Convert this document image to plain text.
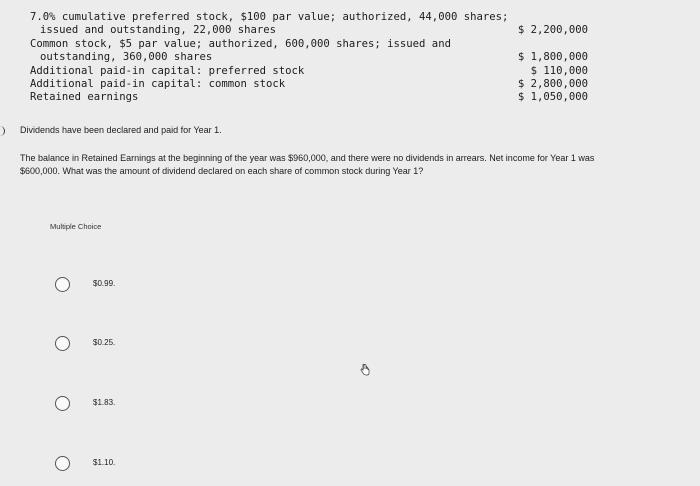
7.0% cumulative preferred stock, $100 par value; authorized, 44,000 shares;
issued and outstanding, 22,000 shares	$ 2,200,000
Common stock, $5 par value; authorized, 600,000 shares; issued and
outstanding, 360,000 shares	$ 1,800,000
Additional paid-in capital: preferred stock	$ 110,000
Additional paid-in capital: common stock	$ 2,800,000
Retained earnings	$ 1,050,000
Dividends have been declared and paid for Year 1.
The balance in Retained Earnings at the beginning of the year was $960,000, and there were no dividends in arrears. Net income for Year 1 was
$600,000. What was the amount of dividend declared on each share of common stock during Year 1?
Multiple Choice
$0.99.
$0.25.
$1.83.
$1.10.
